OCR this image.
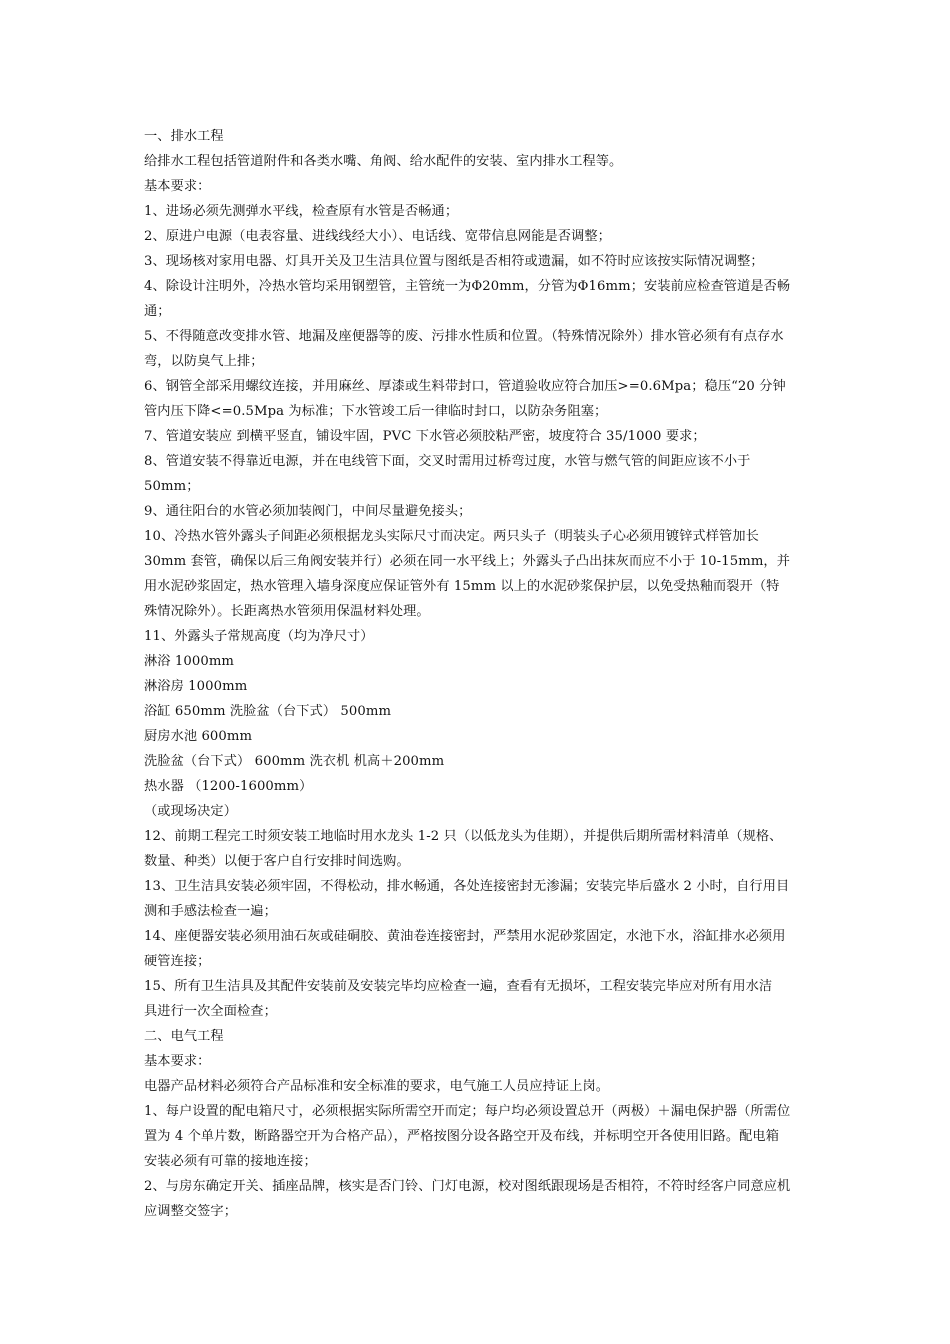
一、排水工程
给排水工程包括管道附件和各类水嘴、角阀、给水配件的安装、室内排水工程等。
基本要求：
1、进场必须先测弹水平线，检查原有水管是否畅通；
2、原进户电源（电表容量、进线线经大小）、电话线、宽带信息网能是否调整；
3、现场核对家用电器、灯具开关及卫生洁具位置与图纸是否相符或遗漏，如不符时应该按实际情况调整；
4、除设计注明外，冷热水管均采用钢塑管，主管统一为Φ20mm，分管为Φ16mm；安装前应检查管道是否畅
通；
5、不得随意改变排水管、地漏及座便器等的废、污排水性质和位置。（特殊情况除外）排水管必须有有点存水
弯，以防臭气上排；
6、钢管全部采用螺纹连接，并用麻丝、厚漆或生料带封口，管道验收应符合加压>=0.6Mpa；稳压“20 分钟
管内压下降<=0.5Mpa 为标准；下水管竣工后一律临时封口，以防杂务阻塞；
7、管道安装应 到横平竖直，铺设牢固，PVC 下水管必须胶粘严密，坡度符合 35/1000 要求；
8、管道安装不得靠近电源，并在电线管下面，交叉时需用过桥弯过度，水管与燃气管的间距应该不小于
50mm；
9、通往阳台的水管必须加装阀门，中间尽量避免接头；
10、冷热水管外露头子间距必须根据龙头实际尺寸而决定。两只头子（明装头子心必须用镀锌式样管加长
30mm 套管，确保以后三角阀安装并行）必须在同一水平线上；外露头子凸出抹灰而应不小于 10-15mm，并
用水泥砂浆固定，热水管理入墙身深度应保证管外有 15mm 以上的水泥砂浆保护层，以免受热釉而裂开（特
殊情况除外）。长距离热水管须用保温材料处理。
11、外露头子常规高度（均为净尺寸）
淋浴 1000mm
淋浴房 1000mm
浴缸 650mm 洗脸盆（台下式） 500mm
厨房水池 600mm
洗脸盆（台下式） 600mm 洗衣机 机高＋200mm
热水器 （1200-1600mm）
（或现场决定）
12、前期工程完工时须安装工地临时用水龙头 1-2 只（以低龙头为佳期），并提供后期所需材料清单（规格、
数量、种类）以便于客户自行安排时间选购。
13、卫生洁具安装必须牢固，不得松动，排水畅通，各处连接密封无渗漏；安装完毕后盛水 2 小时，自行用目
测和手感法检查一遍；
14、座便器安装必须用油石灰或硅硐胶、黄油卷连接密封，严禁用水泥砂浆固定，水池下水，浴缸排水必须用
硬管连接；
15、所有卫生洁具及其配件安装前及安装完毕均应检查一遍，查看有无损坏，工程安装完毕应对所有用水洁
具进行一次全面检查；
二、电气工程
基本要求：
电器产品材料必须符合产品标准和安全标准的要求，电气施工人员应持证上岗。
1、每户设置的配电箱尺寸，必须根据实际所需空开而定；每户均必须设置总开（两极）＋漏电保护器（所需位
置为 4 个单片数，断路器空开为合格产品），严格按图分设各路空开及布线，并标明空开各使用旧路。配电箱
安装必须有可靠的接地连接；
2、与房东确定开关、插座品牌，核实是否门铃、门灯电源，校对图纸跟现场是否相符，不符时经客户同意应机
应调整交签字；
